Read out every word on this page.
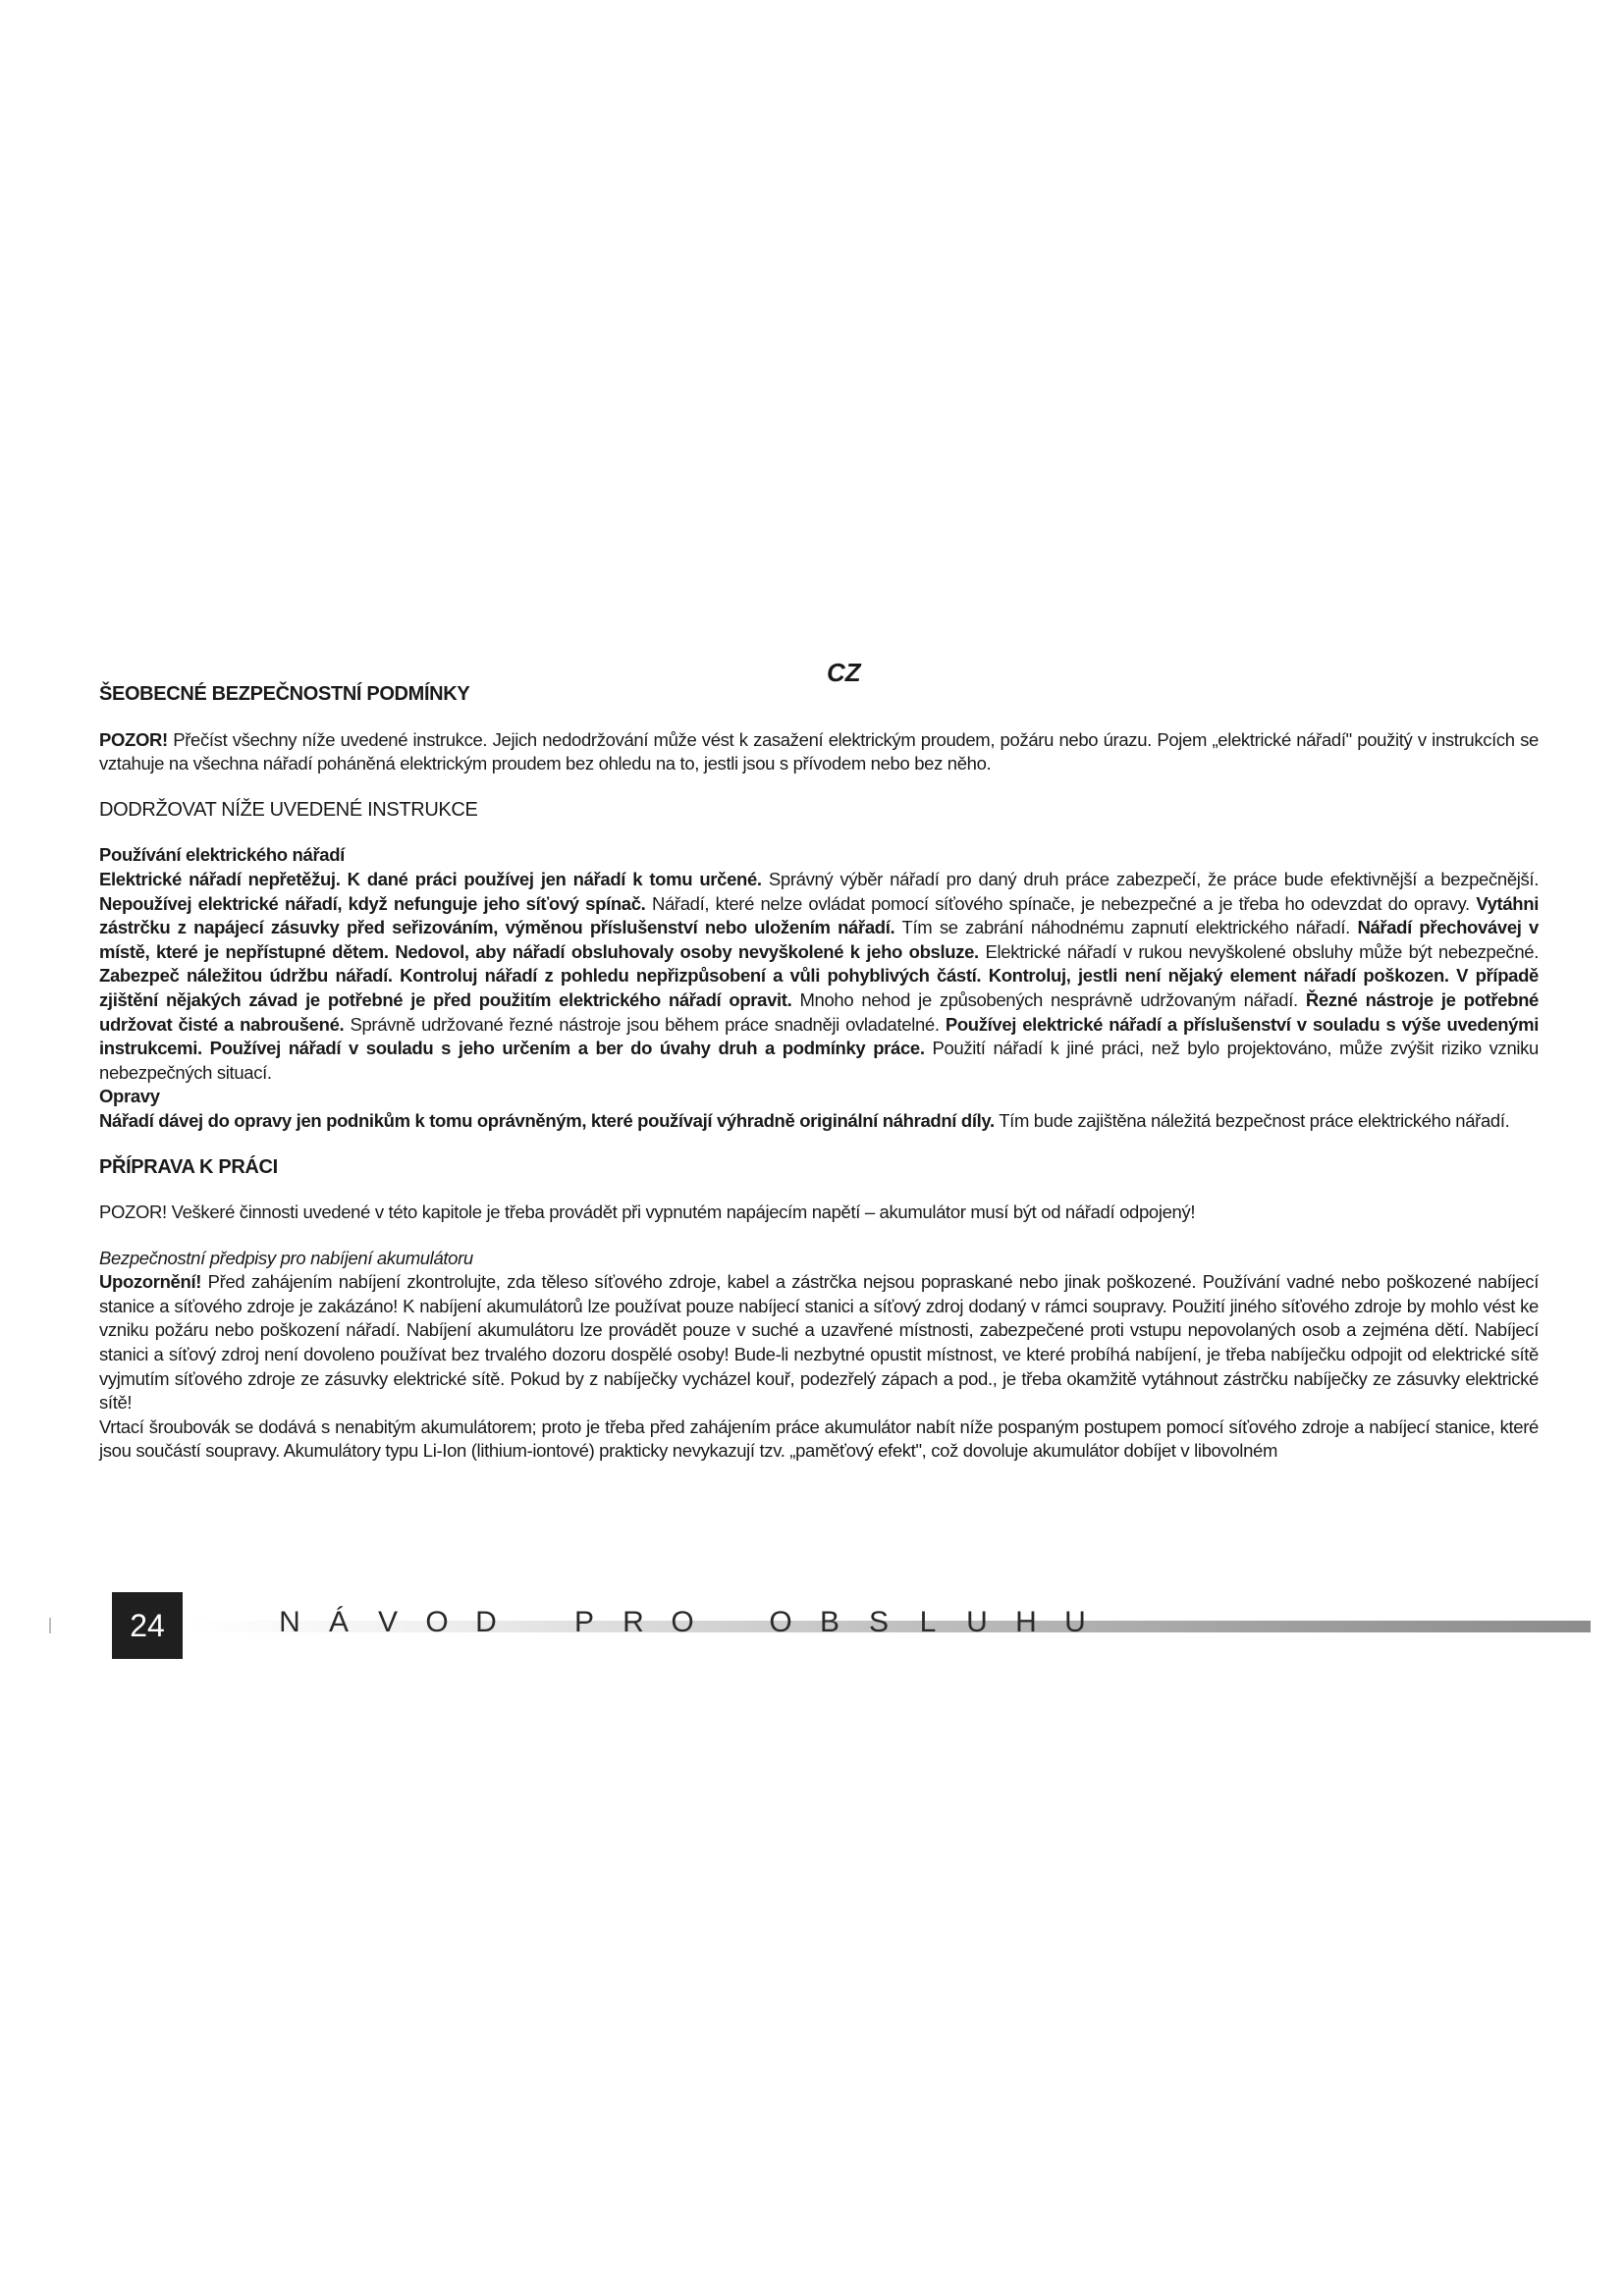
CZ

ŠEOBECNÉ BEZPEČNOSTNÍ PODMÍNKY

POZOR! Přečíst všechny níže uvedené instrukce. Jejich nedodržování může vést k zasažení elektrickým proudem, požáru nebo úrazu. Pojem „elektrické nářadí" použitý v instrukcích se vztahuje na všechna nářadí poháněná elektrickým proudem bez ohledu na to, jestli jsou s přívodem nebo bez něho.

DODRŽOVAT NÍŽE UVEDENÉ INSTRUKCE

Používání elektrického nářadí

Elektrické nářadí nepřetěžuj. K dané práci používej jen nářadí k tomu určené. Správný výběr nářadí pro daný druh práce zabezpečí, že práce bude efektivnější a bezpečnější. Nepoužívej elektrické nářadí, když nefunguje jeho síťový spínač. Nářadí, které nelze ovládat pomocí síťového spínače, je nebezpečné a je třeba ho odevzdat do opravy. Vytáhni zástrčku z napájecí zásuvky před seřizováním, výměnou příslušenství nebo uložením nářadí. Tím se zabrání náhodnému zapnutí elektrického nářadí. Nářadí přechovávej v místě, které je nepřístupné dětem. Nedovol, aby nářadí obsluhovaly osoby nevyškolené k jeho obsluze. Elektrické nářadí v rukou nevyškolené obsluhy může být nebezpečné. Zabezpeč náležitou údržbu nářadí. Kontroluj nářadí z pohledu nepřizpůsobení a vůli pohyblivých částí. Kontroluj, jestli není nějaký element nářadí poškozen. V případě zjištění nějakých závad je potřebné je před použitím elektrického nářadí opravit. Mnoho nehod je způsobených nesprávně udržovaným nářadí. Řezné nástroje je potřebné udržovat čisté a nabroušené. Správně udržované řezné nástroje jsou během práce snadněji ovladatelné. Používej elektrické nářadí a příslušenství v souladu s výše uvedenými instrukcemi. Používej nářadí v souladu s jeho určením a ber do úvahy druh a podmínky práce. Použití nářadí k jiné práci, než bylo projektováno, může zvýšit riziko vzniku nebezpečných situací.

Opravy

Nářadí dávej do opravy jen podnikům k tomu oprávněným, které používají výhradně originální náhradní díly. Tím bude zajištěna náležitá bezpečnost práce elektrického nářadí.

PŘÍPRAVA K PRÁCI

POZOR! Veškeré činnosti uvedené v této kapitole je třeba provádět při vypnutém napájecím napětí – akumulátor musí být od nářadí odpojený!

Bezpečnostní předpisy pro nabíjení akumulátoru

Upozornění! Před zahájením nabíjení zkontrolujte, zda těleso síťového zdroje, kabel a zástrčka nejsou popraskané nebo jinak poškozené. Používání vadné nebo poškozené nabíjecí stanice a síťového zdroje je zakázáno! K nabíjení akumulátorů lze používat pouze nabíjecí stanici a síťový zdroj dodaný v rámci soupravy. Použití jiného síťového zdroje by mohlo vést ke vzniku požáru nebo poškození nářadí. Nabíjení akumulátoru lze provádět pouze v suché a uzavřené místnosti, zabezpečené proti vstupu nepovolaných osob a zejména dětí. Nabíjecí stanici a síťový zdroj není dovoleno používat bez trvalého dozoru dospělé osoby! Bude-li nezbytné opustit místnost, ve které probíhá nabíjení, je třeba nabíječku odpojit od elektrické sítě vyjmutím síťového zdroje ze zásuvky elektrické sítě. Pokud by z nabíječky vycházel kouř, podezřelý zápach a pod., je třeba okamžitě vytáhnout zástrčku nabíječky ze zásuvky elektrické sítě!

Vrtací šroubovák se dodává s nenabitým akumulátorem; proto je třeba před zahájením práce akumulátor nabít níže pospaným postupem pomocí síťového zdroje a nabíjecí stanice, které jsou součástí soupravy. Akumulátory typu Li-Ion (lithium-iontové) prakticky nevykazují tzv. „paměťový efekt", což dovoluje akumulátor dobíjet v libovolném

24	N Á V O D	P R O	O B S	L	U H U
